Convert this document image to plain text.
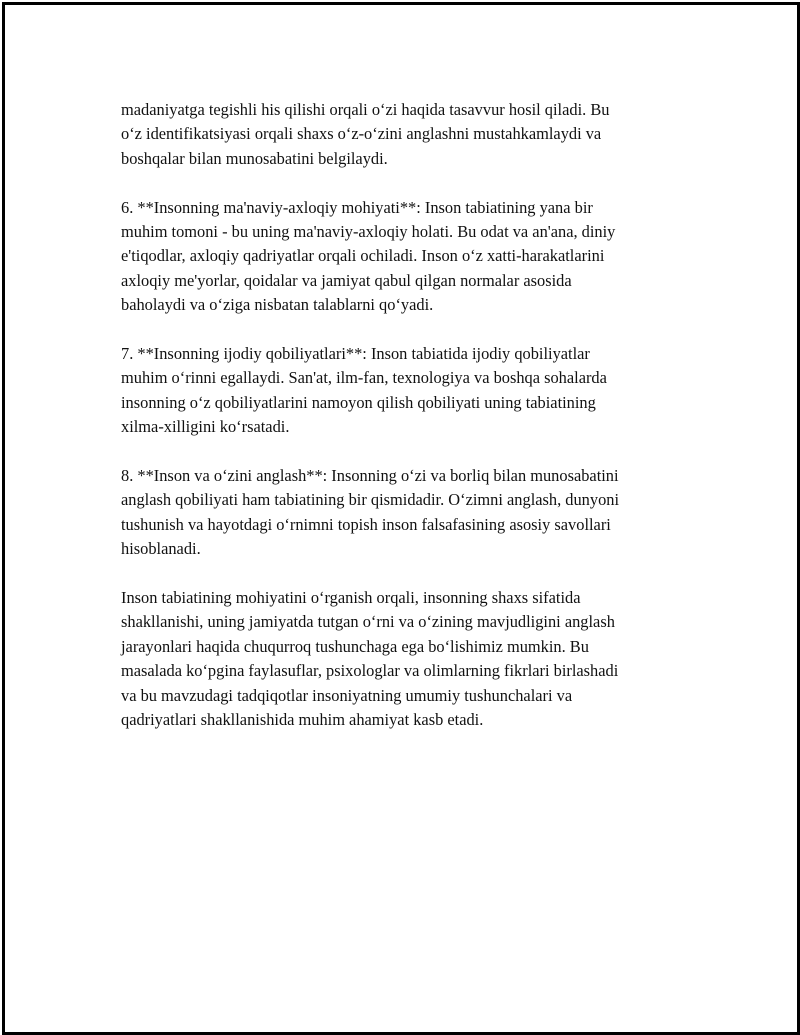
madaniyatga tegishli his qilishi orqali o‘zi haqida tasavvur hosil qiladi. Bu
o‘z identifikatsiyasi orqali shaxs o‘z-o‘zini anglashni mustahkamlaydi va
boshqalar bilan munosabatini belgilaydi.

6. **Insonning ma'naviy-axloqiy mohiyati**: Inson tabiatining yana bir
muhim tomoni - bu uning ma'naviy-axloqiy holati. Bu odat va an'ana, diniy
e'tiqodlar, axloqiy qadriyatlar orqali ochiladi. Inson o‘z xatti-harakatlarini
axloqiy me'yorlar, qoidalar va jamiyat qabul qilgan normalar asosida
baholaydi va o‘ziga nisbatan talablarni qo‘yadi.

7. **Insonning ijodiy qobiliyatlari**: Inson tabiatida ijodiy qobiliyatlar
muhim o‘rinni egallaydi. San'at, ilm-fan, texnologiya va boshqa sohalarda
insonning o‘z qobiliyatlarini namoyon qilish qobiliyati uning tabiatining
xilma-xilligini ko‘rsatadi.

8. **Inson va o‘zini anglash**: Insonning o‘zi va borliq bilan munosabatini
anglash qobiliyati ham tabiatining bir qismidadir. O‘zimni anglash, dunyoni
tushunish va hayotdagi o‘rnimni topish inson falsafasining asosiy savollari
hisoblanadi.

Inson tabiatining mohiyatini o‘rganish orqali, insonning shaxs sifatida
shakllanishi, uning jamiyatda tutgan o‘rni va o‘zining mavjudligini anglash
jarayonlari haqida chuqurroq tushunchaga ega bo‘lishimiz mumkin. Bu
masalada ko‘pgina faylasuflar, psixologlar va olimlarning fikrlari birlashadi
va bu mavzudagi tadqiqotlar insoniyatning umumiy tushunchalari va
qadriyatlari shakllanishida muhim ahamiyat kasb etadi.
